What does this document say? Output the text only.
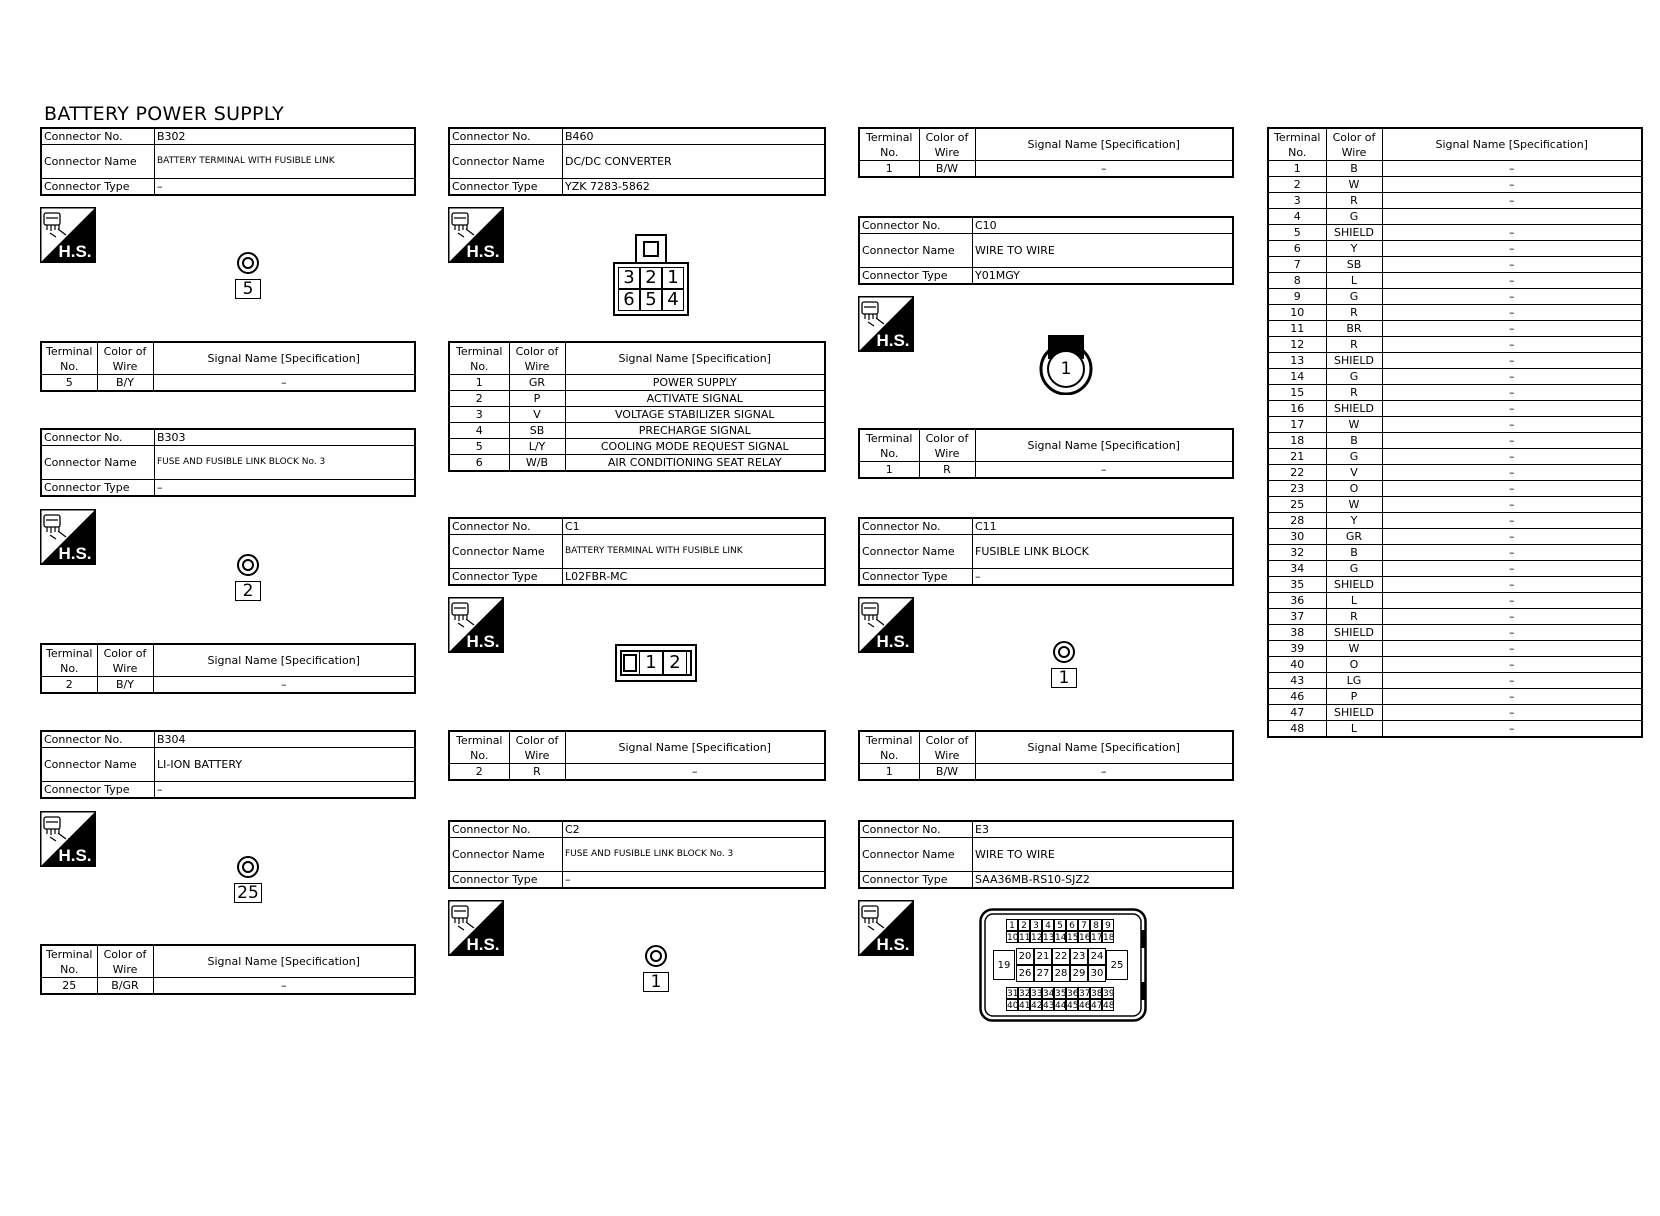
BATTERY POWER SUPPLY
Connector No.	B302
Connector Name	BATTERY TERMINAL WITH FUSIBLE LINK
Connector Type	–
H.S.
5
Terminal No.	Color of Wire	Signal Name [Specification]
5	B/Y	–
Connector No.	B303
Connector Name	FUSE AND FUSIBLE LINK BLOCK No. 3
Connector Type	–
H.S.
2
Terminal No.	Color of Wire	Signal Name [Specification]
2	B/Y	–
Connector No.	B304
Connector Name	LI-ION BATTERY
Connector Type	–
H.S.
25
Terminal No.	Color of Wire	Signal Name [Specification]
25	B/GR	–
Connector No.	B460
Connector Name	DC/DC CONVERTER
Connector Type	YZK 7283-5862
H.S.
3 2 1
6 5 4
Terminal No.	Color of Wire	Signal Name [Specification]
1	GR	POWER SUPPLY
2	P	ACTIVATE SIGNAL
3	V	VOLTAGE STABILIZER SIGNAL
4	SB	PRECHARGE SIGNAL
5	L/Y	COOLING MODE REQUEST SIGNAL
6	W/B	AIR CONDITIONING SEAT RELAY
Connector No.	C1
Connector Name	BATTERY TERMINAL WITH FUSIBLE LINK
Connector Type	L02FBR-MC
H.S.
1 2
Terminal No.	Color of Wire	Signal Name [Specification]
2	R	–
Connector No.	C2
Connector Name	FUSE AND FUSIBLE LINK BLOCK No. 3
Connector Type	–
H.S.
1
Terminal No.	Color of Wire	Signal Name [Specification]
1	B/W	–
Connector No.	C10
Connector Name	WIRE TO WIRE
Connector Type	Y01MGY
H.S.
1
Terminal No.	Color of Wire	Signal Name [Specification]
1	R	–
Connector No.	C11
Connector Name	FUSIBLE LINK BLOCK
Connector Type	–
H.S.
1
Terminal No.	Color of Wire	Signal Name [Specification]
1	B/W	–
Connector No.	E3
Connector Name	WIRE TO WIRE
Connector Type	SAA36MB-RS10-SJZ2
H.S.
1 2 3 4 5 6 7 8 9
10 11 12 13 14 15 16 17 18
31 32 33 34 35 36 37 38 39
40 41 42 43 44 45 46 47 48
20 21 22 23 24
26 27 28 29 30
19	25
Terminal No.	Color of Wire	Signal Name [Specification]
1	B	–
2	W	–
3	R	–
4	G	
5	SHIELD	–
6	Y	–
7	SB	–
8	L	–
9	G	–
10	R	–
11	BR	–
12	R	–
13	SHIELD	–
14	G	–
15	R	–
16	SHIELD	–
17	W	–
18	B	–
21	G	–
22	V	–
23	O	–
25	W	–
28	Y	–
30	GR	–
32	B	–
34	G	–
35	SHIELD	–
36	L	–
37	R	–
38	SHIELD	–
39	W	–
40	O	–
43	LG	–
46	P	–
47	SHIELD	–
48	L	–
